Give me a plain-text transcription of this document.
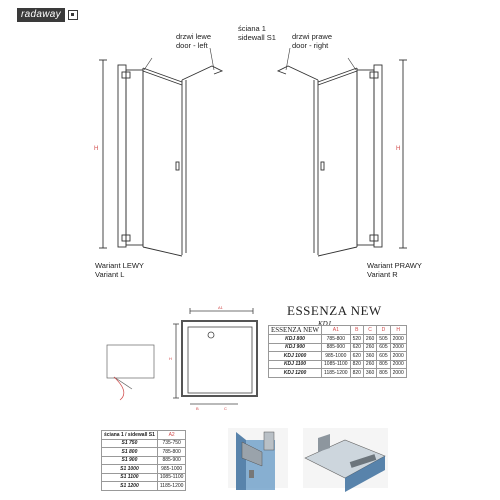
radaway
drzwi lewe
door - left
ściana 1
sidewall S1 drzwi prawe
door - right
Wariant LEWY
Variant L
Wariant PRAWY
Variant R
H	H
ESSENZA NEW
KDJ
A1
H
B	C
ESSENZA NEW	A1	B	C	D	H
KDJ 800	785-800	520	260	505	2000
KDJ 900	885-900	620	260	605	2000
KDJ 1000	985-1000	620	360	605	2000
KDJ 1100	1085-1100	820	260	805	2000
KDJ 1200	1185-1200	820	360	805	2000
ściana 1 / sidewall S1	A2
S1 750	735-750
S1 800	785-800
S1 900	885-900
S1 1000	985-1000
S1 1100	1085-1100
S1 1200	1185-1200
